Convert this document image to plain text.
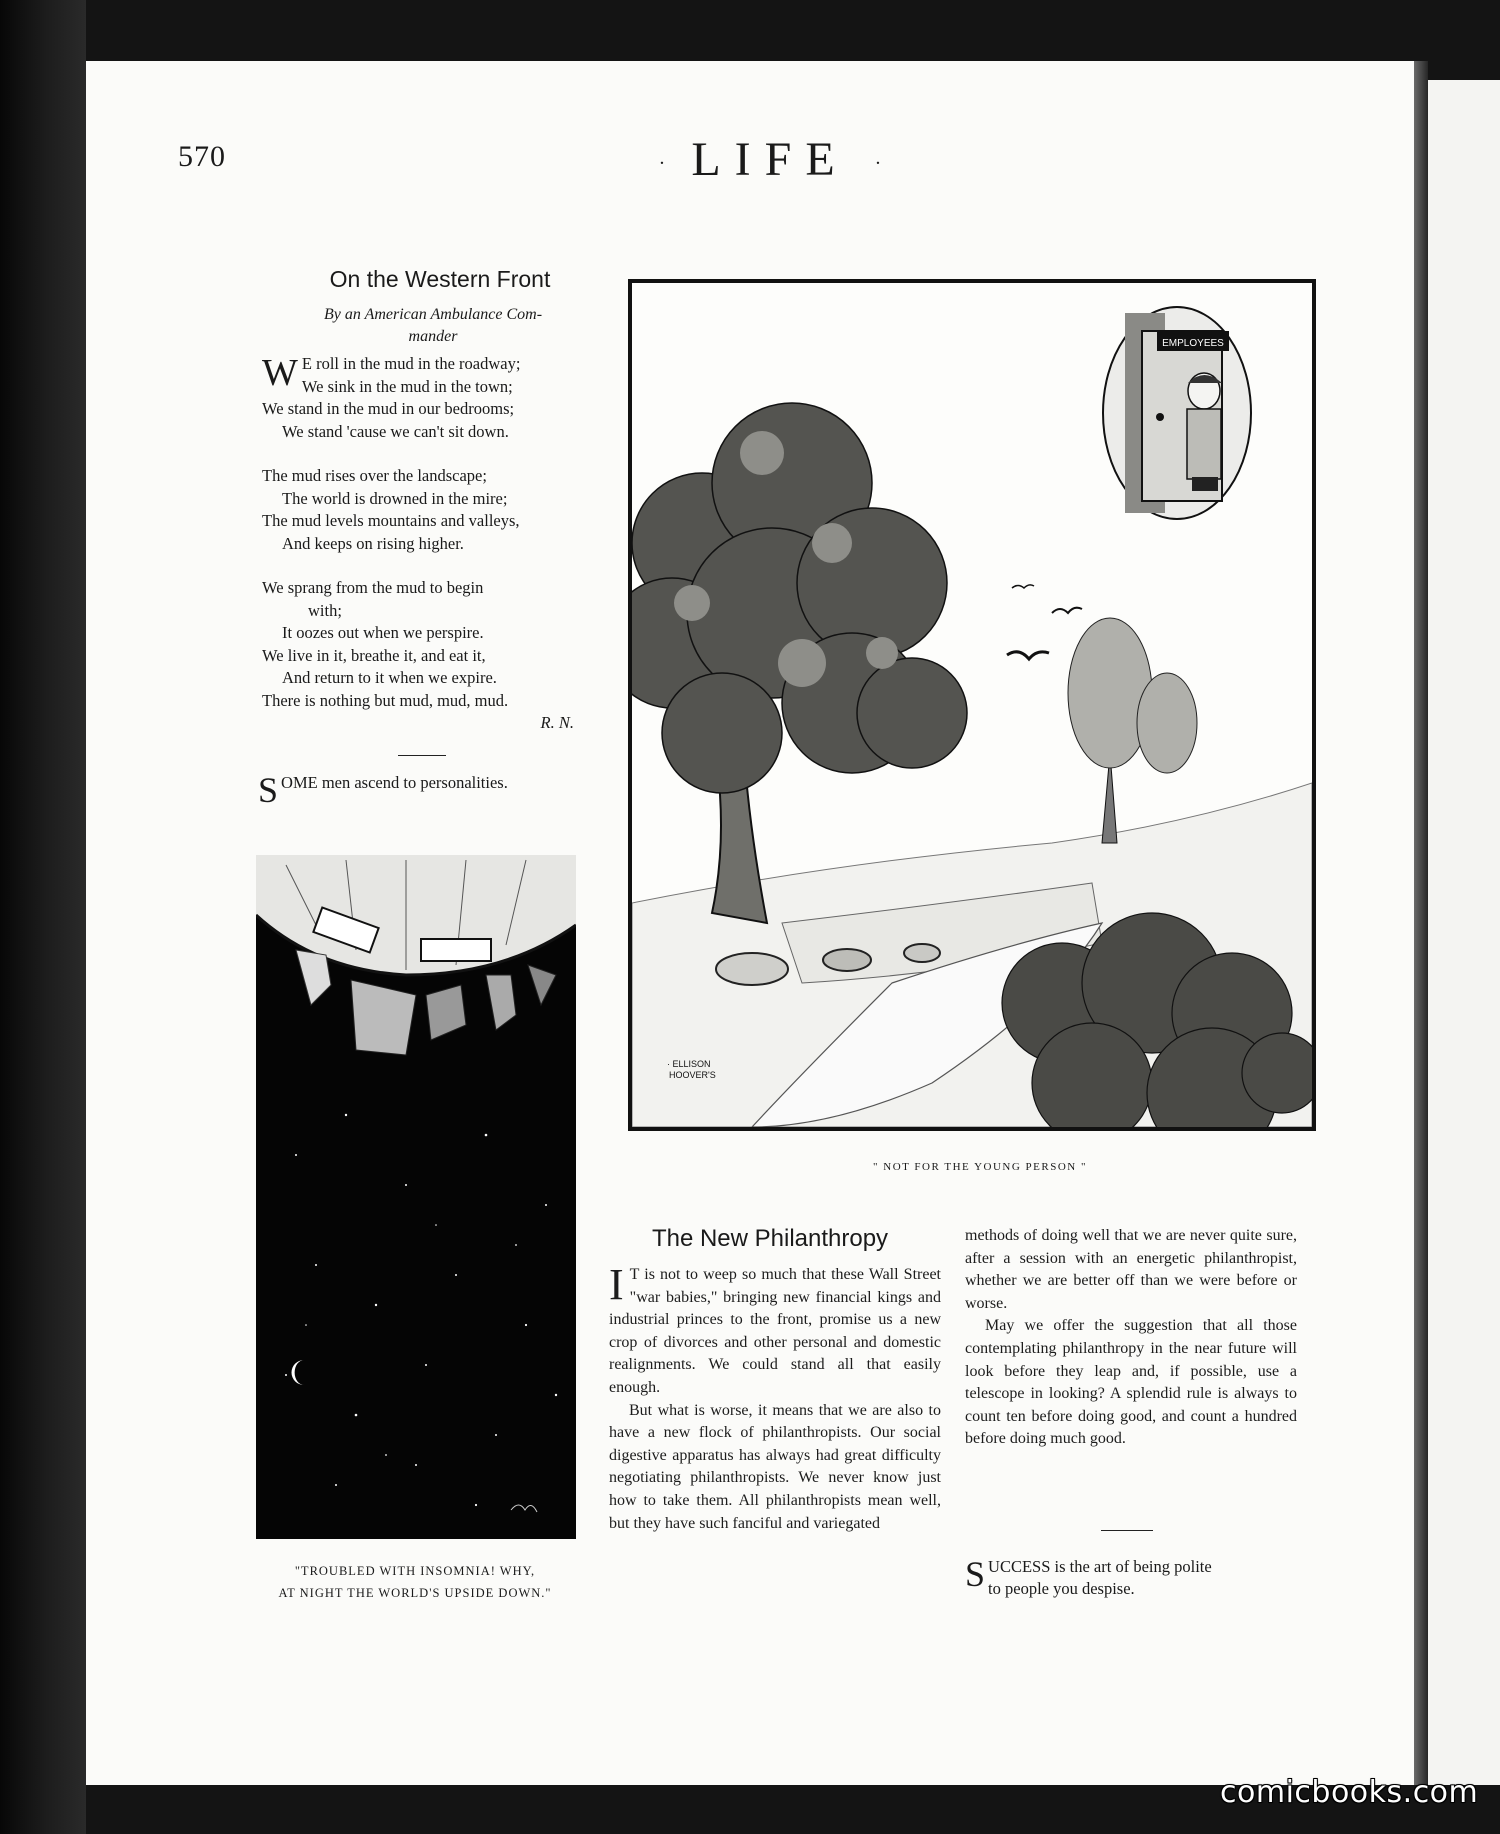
570	· LIFE ·
On the Western Front
By an American Ambulance Com-
mander
W E roll in the mud in the roadway;
We sink in the mud in the town;
We stand in the mud in our bedrooms;
We stand 'cause we can't sit down.
The mud rises over the landscape;
The world is drowned in the mire;
The mud levels mountains and valleys,
And keeps on rising higher.
We sprang from the mud to begin
with;
It oozes out when we perspire.
We live in it, breathe it, and eat it,
And return to it when we expire.
There is nothing but mud, mud, mud.
R. N.
S OME men ascend to personalities.
"TROUBLED WITH INSOMNIA! WHY,
AT NIGHT THE WORLD'S UPSIDE DOWN."
EMPLOYEES
· ELLISON
HOOVER'S
" NOT FOR THE YOUNG PERSON "
The New Philanthropy

I T is not to weep so much that these Wall Street "war babies," bringing new financial kings and industrial princes to the front, promise us a new crop of divorces and other personal and domestic realignments. We could stand all that easily enough.

But what is worse, it means that we are also to have a new flock of philanthropists. Our social digestive apparatus has always had great difficulty negotiating philanthropists. We never know just how to take them. All philanthropists mean well, but they have such fanciful and variegated

methods of doing well that we are never quite sure, after a session with an energetic philanthropist, whether we are better off than we were before or worse.

May we offer the suggestion that all those contemplating philanthropy in the near future will look before they leap and, if possible, use a telescope in looking? A splendid rule is always to count ten before doing good, and count a hundred before doing much good.

S UCCESS is the art of being polite
to people you despise.
comicbooks.com
